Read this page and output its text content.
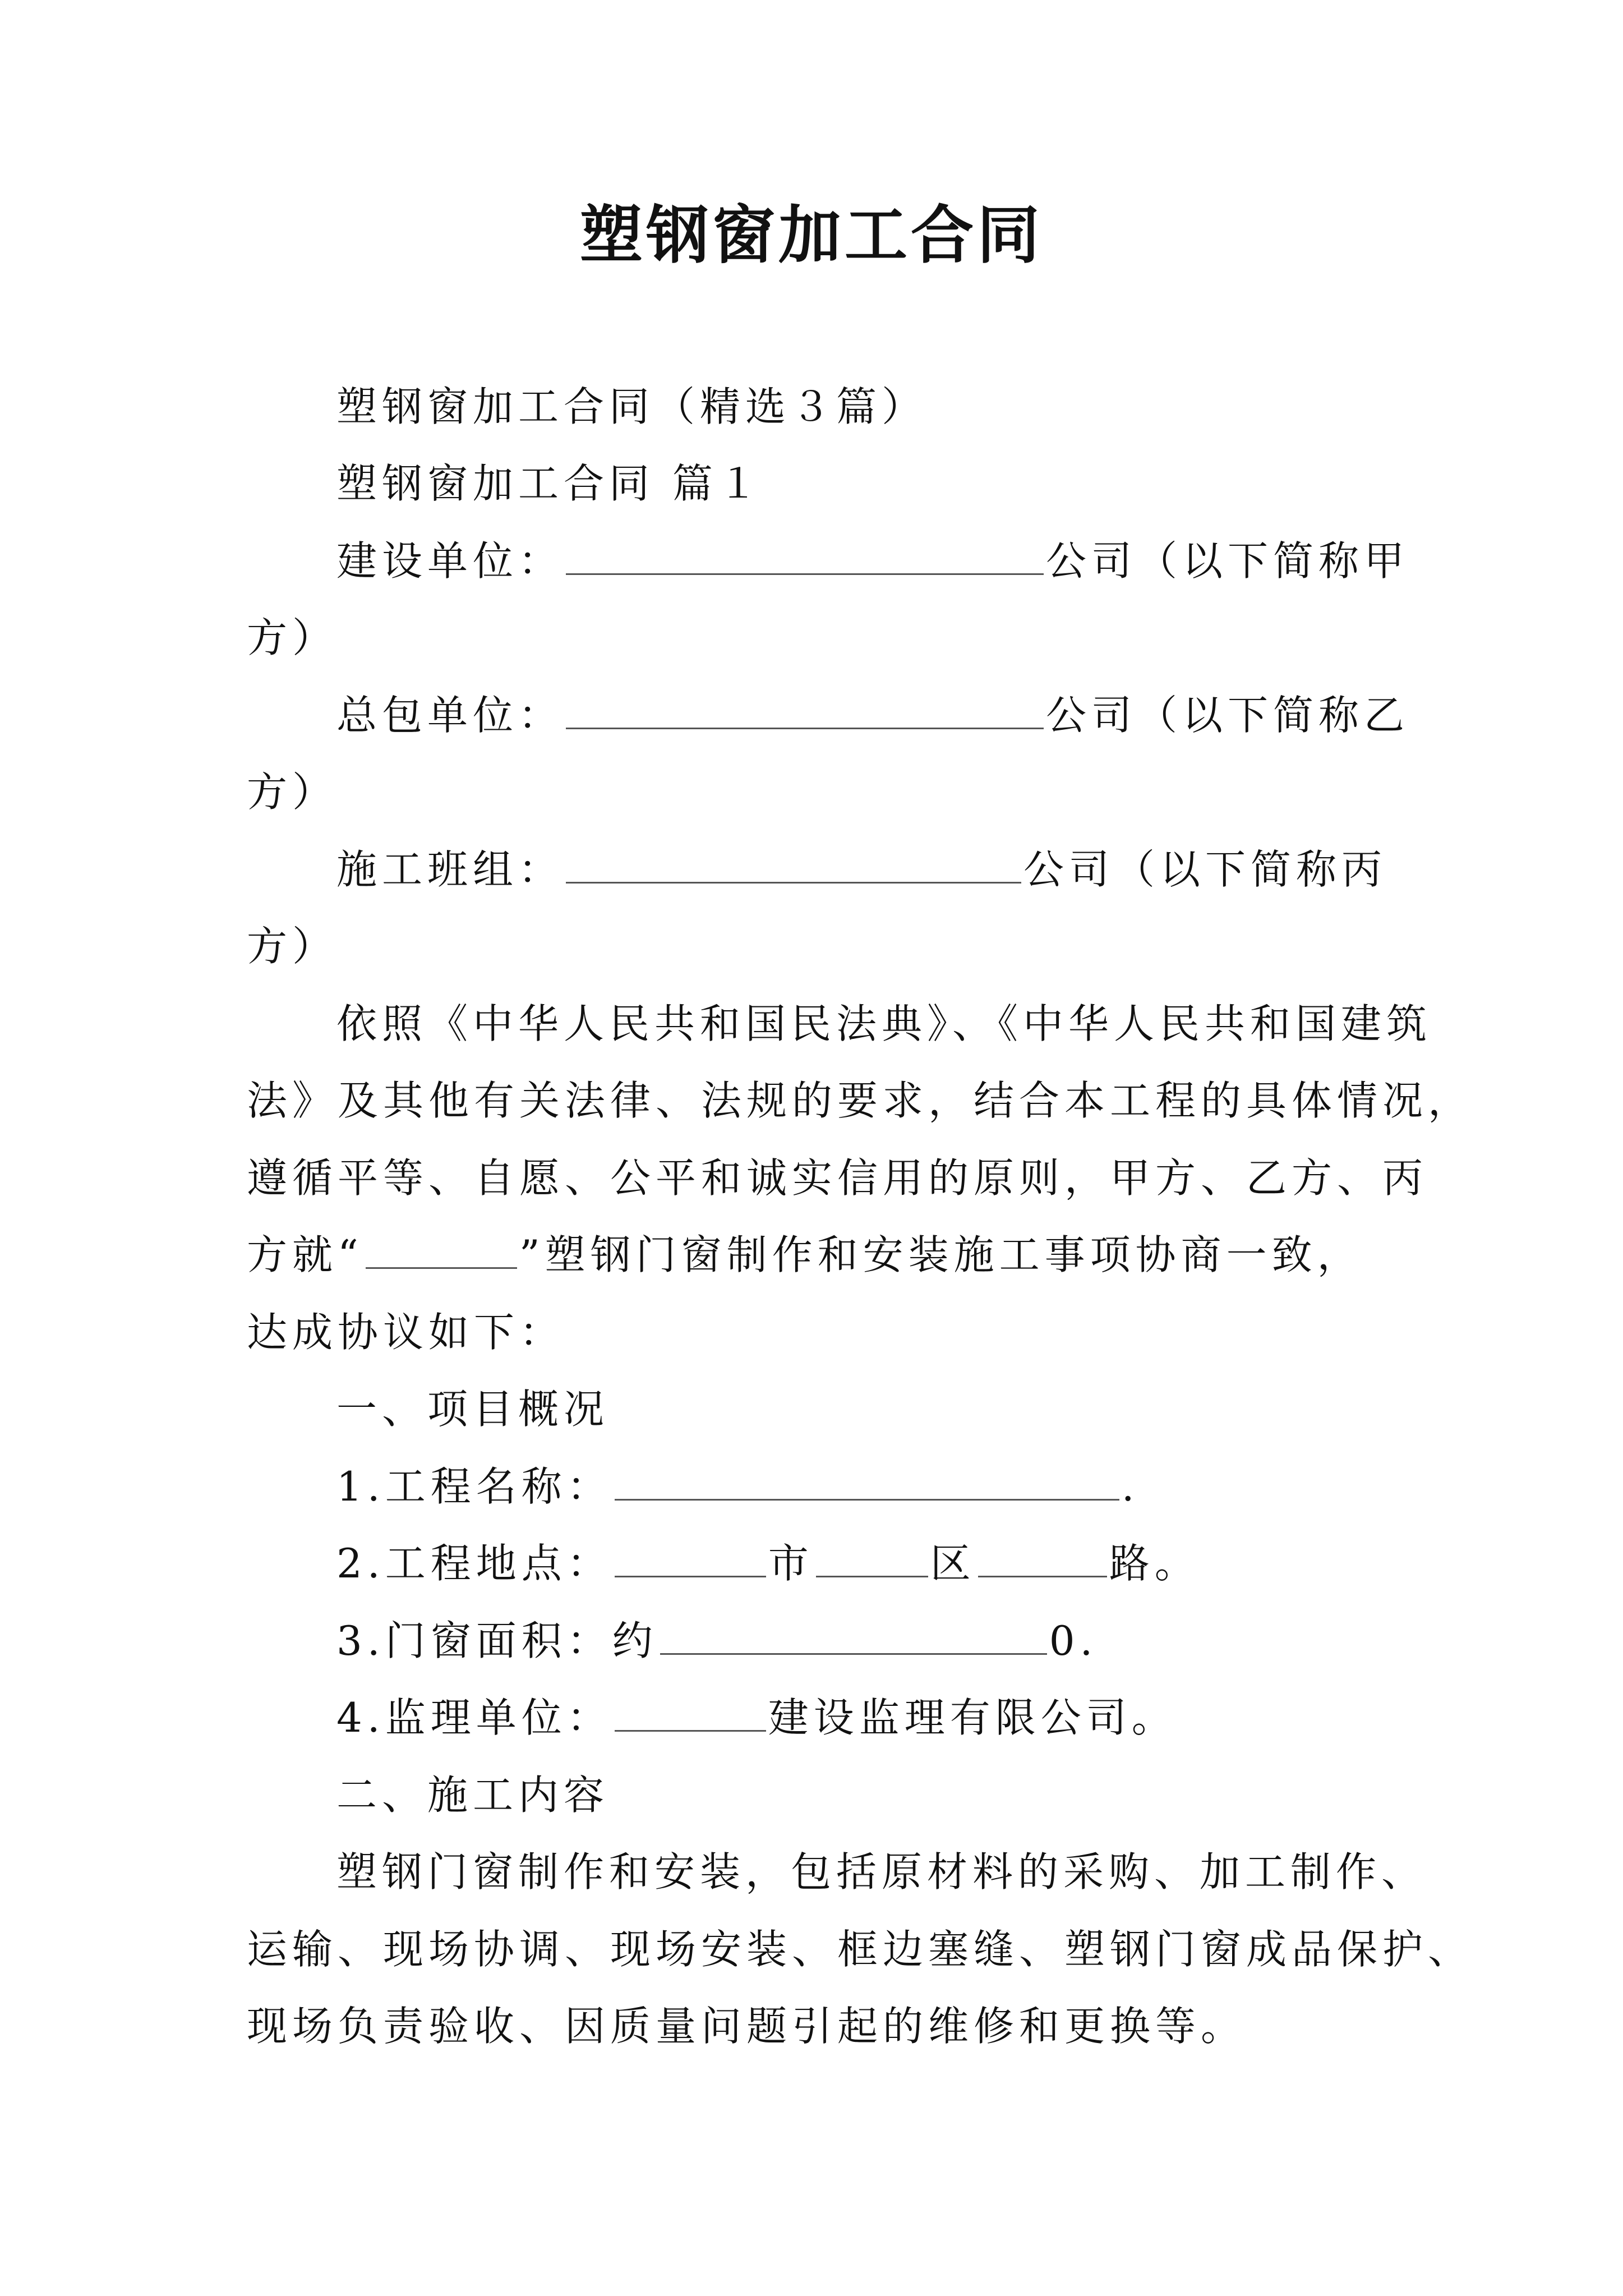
塑钢窗加工合同
塑钢窗加工合同（精选３篇）
塑钢窗加工合同 篇１
建设单位：	公司（以下简称甲
方）
总包单位：	公司（以下简称乙
方）
施工班组：	公司（以下简称丙
方）
依照《中华人民共和国民法典》、《中华人民共和国建筑
法》及其他有关法律、法规的要求，结合本工程的具体情况，
遵循平等、自愿、公平和诚实信用的原则，甲方、乙方、丙
方就“	”塑钢门窗制作和安装施工事项协商一致，
达成协议如下：
一、项目概况
1.工程名称：	.
2.工程地点：	市	区	路。
3.门窗面积：约	0.
4.监理单位：	建设监理有限公司。
二、施工内容
塑钢门窗制作和安装，包括原材料的采购、加工制作、
运输、现场协调、现场安装、框边塞缝、塑钢门窗成品保护、
现场负责验收、因质量问题引起的维修和更换等。
